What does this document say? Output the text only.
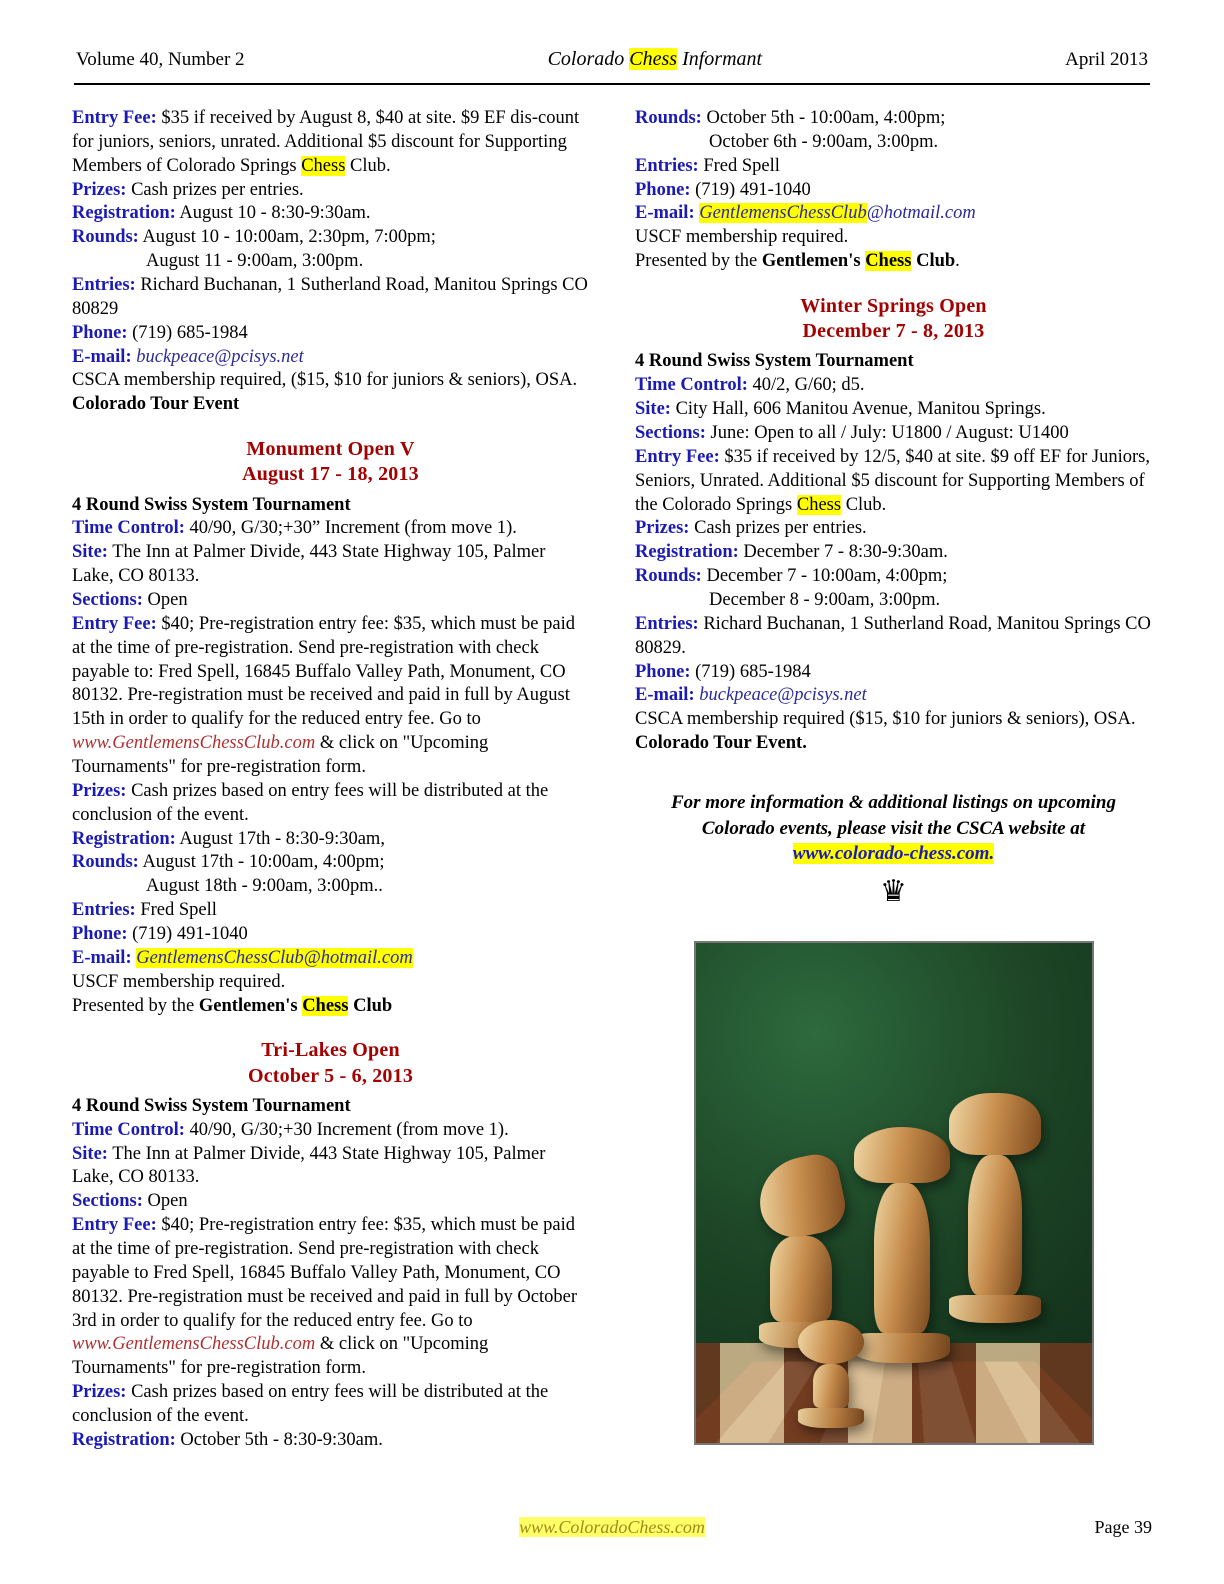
Volume 40, Number 2	Colorado Chess Informant	April 2013

Entry Fee: $35 if received by August 8, $40 at site. $9 EF dis-count for juniors, seniors, unrated. Additional $5 discount for Supporting Members of Colorado Springs Chess Club.

Prizes: Cash prizes per entries.

Registration: August 10 - 8:30-9:30am.

Rounds: August 10 - 10:00am, 2:30pm, 7:00pm;
August 11 - 9:00am, 3:00pm.

Entries: Richard Buchanan, 1 Sutherland Road, Manitou Springs CO 80829

Phone: (719) 685-1984

E-mail: buckpeace@pcisys.net

CSCA membership required, ($15, $10 for juniors & seniors), OSA.

Colorado Tour Event

Monument Open V
August 17 - 18, 2013

4 Round Swiss System Tournament

Time Control: 40/90, G/30;+30” Increment (from move 1).

Site: The Inn at Palmer Divide, 443 State Highway 105, Palmer Lake, CO 80133.

Sections: Open

Entry Fee: $40; Pre-registration entry fee: $35, which must be paid at the time of pre-registration. Send pre-registration with check payable to: Fred Spell, 16845 Buffalo Valley Path, Monument, CO 80132. Pre-registration must be received and paid in full by August 15th in order to qualify for the reduced entry fee. Go to www.GentlemensChessClub.com & click on "Upcoming Tournaments" for pre-registration form.

Prizes: Cash prizes based on entry fees will be distributed at the conclusion of the event.

Registration: August 17th - 8:30-9:30am,

Rounds: August 17th - 10:00am, 4:00pm;
August 18th - 9:00am, 3:00pm..

Entries: Fred Spell

Phone: (719) 491-1040

E-mail: GentlemensChessClub@hotmail.com

USCF membership required.

Presented by the Gentlemen's Chess Club

Tri-Lakes Open
October 5 - 6, 2013

4 Round Swiss System Tournament

Time Control: 40/90, G/30;+30 Increment (from move 1).

Site: The Inn at Palmer Divide, 443 State Highway 105, Palmer Lake, CO 80133.

Sections: Open

Entry Fee: $40; Pre-registration entry fee: $35, which must be paid at the time of pre-registration. Send pre-registration with check payable to Fred Spell, 16845 Buffalo Valley Path, Monument, CO 80132. Pre-registration must be received and paid in full by October 3rd in order to qualify for the reduced entry fee. Go to www.GentlemensChessClub.com & click on "Upcoming Tournaments" for pre-registration form.

Prizes: Cash prizes based on entry fees will be distributed at the conclusion of the event.

Registration: October 5th - 8:30-9:30am.

Rounds: October 5th - 10:00am, 4:00pm;
October 6th - 9:00am, 3:00pm.

Entries: Fred Spell

Phone: (719) 491-1040

E-mail: GentlemensChessClub@hotmail.com

USCF membership required.

Presented by the Gentlemen's Chess Club.

Winter Springs Open
December 7 - 8, 2013

4 Round Swiss System Tournament

Time Control: 40/2, G/60; d5.

Site: City Hall, 606 Manitou Avenue, Manitou Springs.

Sections: June: Open to all / July: U1800 / August: U1400

Entry Fee: $35 if received by 12/5, $40 at site. $9 off EF for Juniors, Seniors, Unrated. Additional $5 discount for Supporting Members of the Colorado Springs Chess Club.

Prizes: Cash prizes per entries.

Registration: December 7 - 8:30-9:30am.

Rounds: December 7 - 10:00am, 4:00pm;
December 8 - 9:00am, 3:00pm.

Entries: Richard Buchanan, 1 Sutherland Road, Manitou Springs CO 80829.

Phone: (719) 685-1984

E-mail: buckpeace@pcisys.net

CSCA membership required ($15, $10 for juniors & seniors), OSA.

Colorado Tour Event.

For more information & additional listings on upcoming
Colorado events, please visit the CSCA website at
www.colorado-chess.com.
♛
www.ColoradoChess.com	Page 39
